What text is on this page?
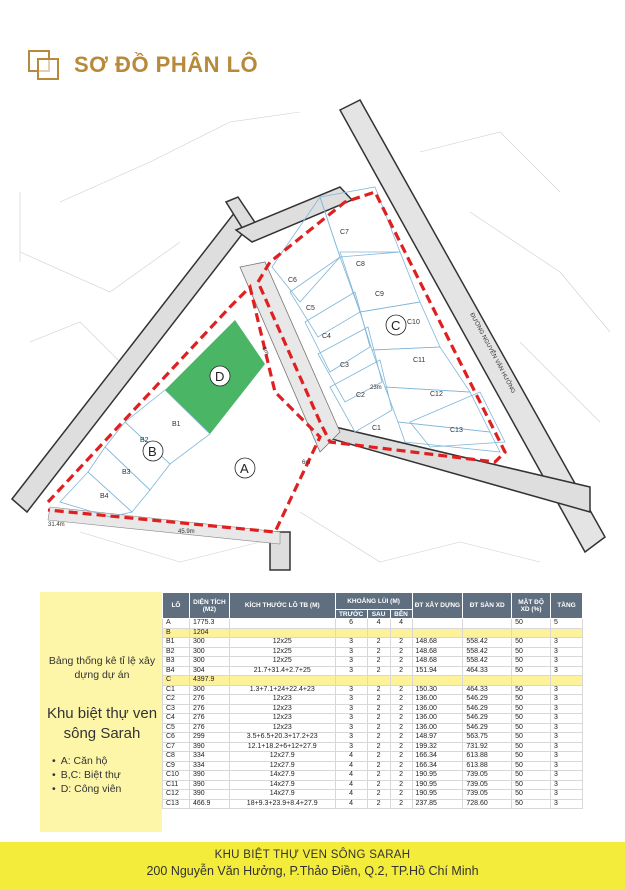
SƠ ĐỒ PHÂN LÔ
D
B
A
C
B1
B2
B3
B4
C1
C2
C3
C4
C5
C6
C7
C8
C9
C10
C11
C12
C13
ĐƯỜNG NGUYỄN VĂN HƯỞNG
31.4m
45.9m
6m
6m
23m
Bảng thống kê tỉ lệ xây dựng dự án
Khu biệt thự ven sông Sarah
• A: Căn hộ
• B,C: Biệt thự
• D: Công viên
LÔ	DIỆN TÍCH (M2)	KÍCH THƯỚC LÔ TB (M)	KHOẢNG LÙI (M)			ĐT XÂY DỰNG	ĐT SÀN XD	MẬT ĐỘ XD (%)	TẦNG
			TRƯỚC	SAU	BÊN				
A	1775.3		6	4	4			50	5
B	1204								
B1	300	12x25	3	2	2	148.68	558.42	50	3
B2	300	12x25	3	2	2	148.68	558.42	50	3
B3	300	12x25	3	2	2	148.68	558.42	50	3
B4	304	21.7+31.4+2.7+25	3	2	2	151.94	464.33	50	3
C	4397.9								
C1	300	1.3+7.1+24+22.4+23	3	2	2	150.30	464.33	50	3
C2	276	12x23	3	2	2	136.00	546.29	50	3
C3	276	12x23	3	2	2	136.00	546.29	50	3
C4	276	12x23	3	2	2	136.00	546.29	50	3
C5	276	12x23	3	2	2	136.00	546.29	50	3
C6	299	3.5+6.5+20.3+17.2+23	3	2	2	148.97	563.75	50	3
C7	390	12.1+18.2+6+12+27.9	3	2	2	199.32	731.92	50	3
C8	334	12x27.9	4	2	2	166.34	613.88	50	3
C9	334	12x27.9	4	2	2	166.34	613.88	50	3
C10	390	14x27.9	4	2	2	190.95	739.05	50	3
C11	390	14x27.9	4	2	2	190.95	739.05	50	3
C12	390	14x27.9	4	2	2	190.95	739.05	50	3
C13	466.9	18+9.3+23.9+8.4+27.9	4	2	2	237.85	728.60	50	3
KHU BIỆT THỰ VEN SÔNG SARAH
200 Nguyễn Văn Hưởng, P.Thảo Điền, Q.2, TP.Hồ Chí Minh
